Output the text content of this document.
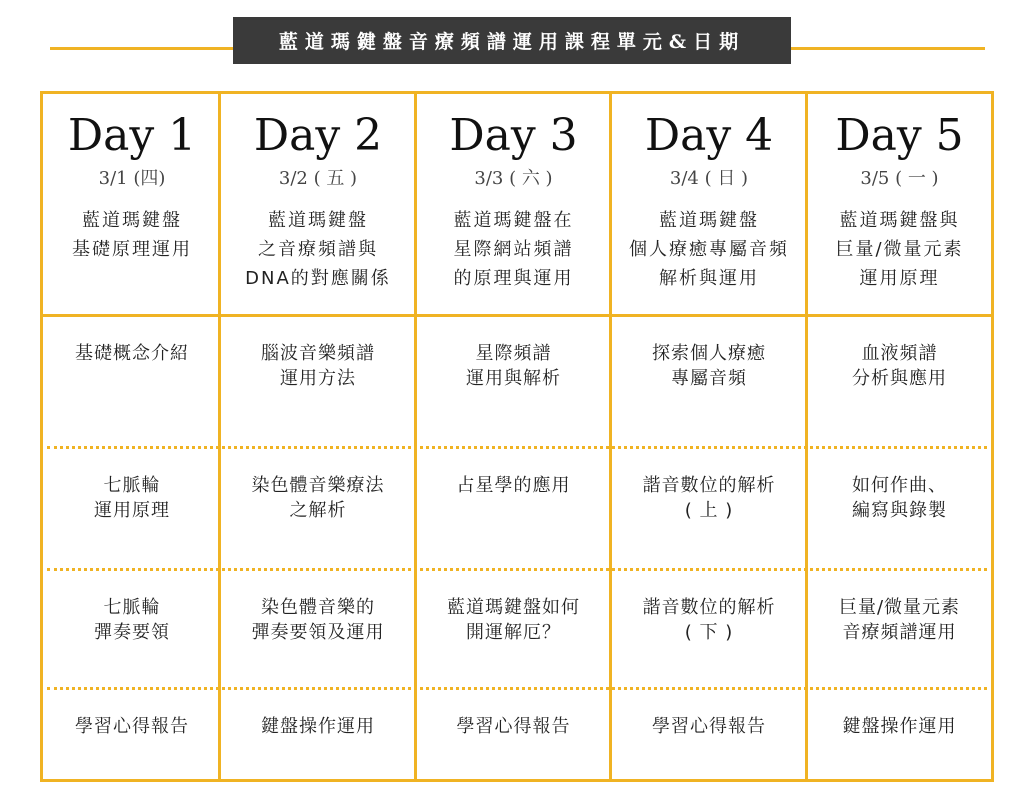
藍道瑪鍵盤音療頻譜運用課程單元&日期
Day 1
3/1 (四)
藍道瑪鍵盤
基礎原理運用
基礎概念介紹
七脈輪
運用原理
七脈輪
彈奏要領
學習心得報告
Day 2
3/2 ( 五 )
藍道瑪鍵盤
之音療頻譜與
DNA的對應關係
腦波音樂頻譜
運用方法
染色體音樂療法
之解析
染色體音樂的
彈奏要領及運用
鍵盤操作運用
Day 3
3/3 ( 六 )
藍道瑪鍵盤在
星際網站頻譜
的原理與運用
星際頻譜
運用與解析
占星學的應用
藍道瑪鍵盤如何
開運解厄？
學習心得報告
Day 4
3/4 ( 日 )
藍道瑪鍵盤
個人療癒專屬音頻
解析與運用
探索個人療癒
專屬音頻
諧音數位的解析
( 上 )
諧音數位的解析
( 下 )
學習心得報告
Day 5
3/5 ( 一 )
藍道瑪鍵盤與
巨量/微量元素
運用原理
血液頻譜
分析與應用
如何作曲、
編寫與錄製
巨量/微量元素
音療頻譜運用
鍵盤操作運用
